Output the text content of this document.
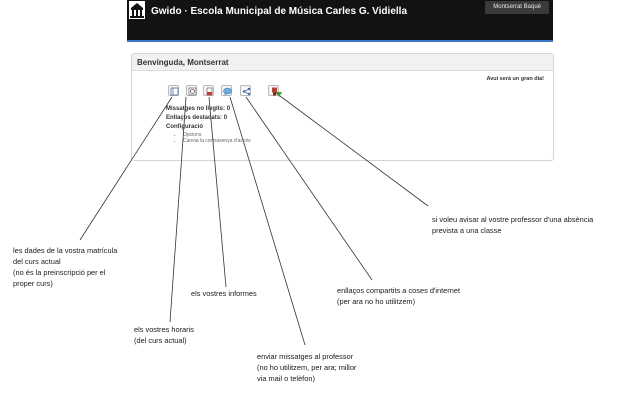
Gwido · Escola Municipal de Música Carles G. Vidiella	Montserrat Baqué
Benvinguda, Montserrat
Avui serà un gran dia!
Missatges no llegits: 0
Enllaços destacats: 0
Configuració
• Opcions
• Canvia la contrasenya d'accés
les dades de la vostra matrícula
del curs actual
(no és la preinscripció per el
proper curs)
els vostres horaris
(del curs actual)
els vostres informes
enviar missatges al professor
(no ho utilitzem, per ara; millor
via mail o telèfon)
enllaços compartits a coses d'internet
(per ara no ho utilitzem)
si voleu avisar al vostre professor d'una absència
prevista a una classe
